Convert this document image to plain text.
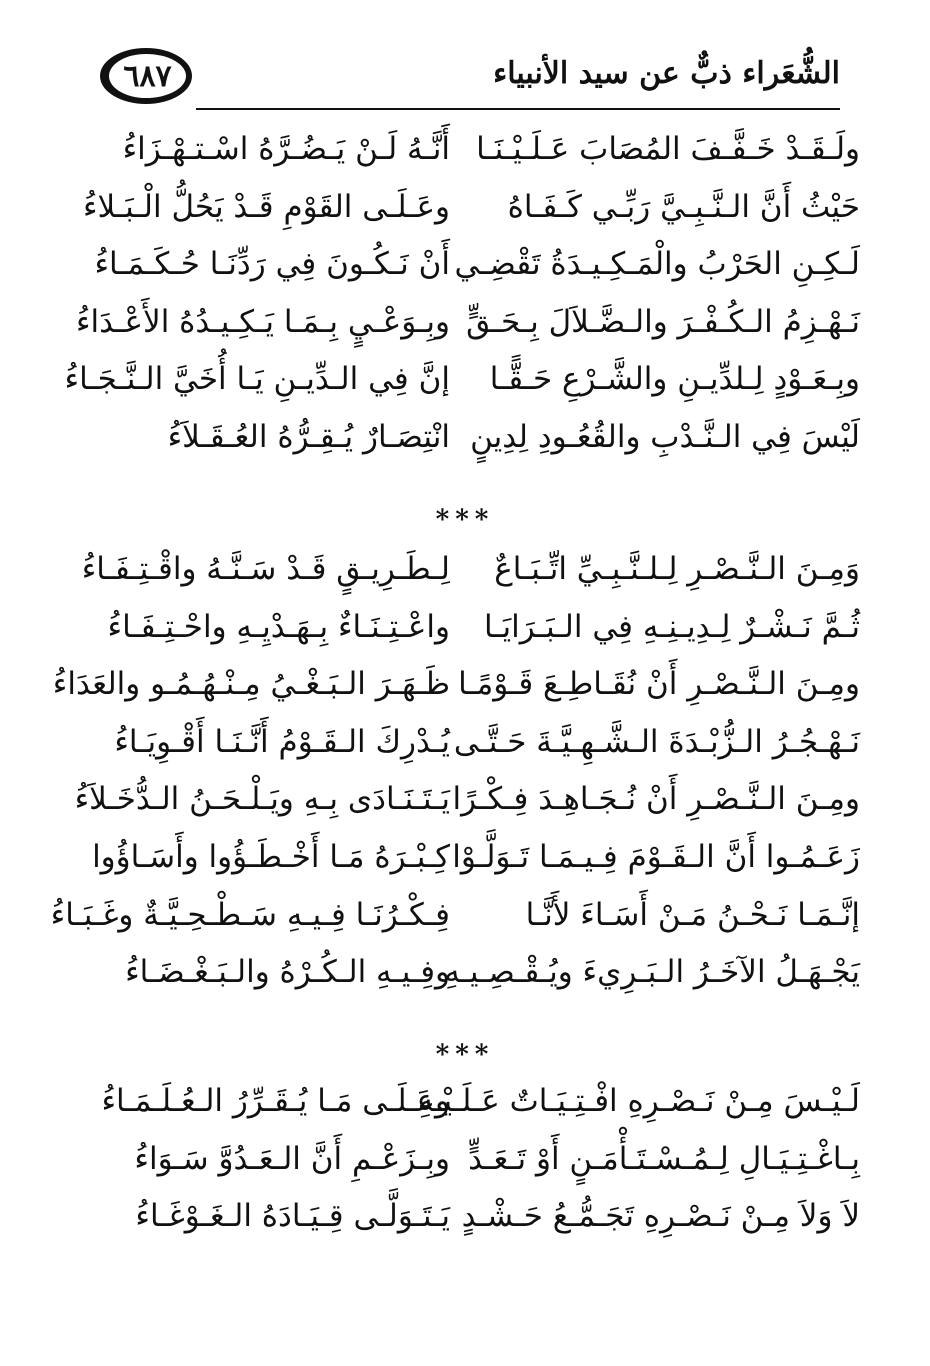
٦٨٧	الشُّعَراء ذبٌّ عن سيد الأنبياء
ولَـقَـدْ خَـفَّـفَ المُصَابَ عَـلَـيْـنَـا
أَنَّـهُ لَـنْ يَـضُـرَّهُ اسْـتـهْـزَاءُ
حَيْثُ أَنَّ الـنَّـبِـيَّ رَبِّـي كَـفَـاهُ
وعَـلَـى القَوْمِ قَـدْ يَحُلُّ الْـبَـلاءُ
لَـكِـنِ الحَرْبُ والْمَـكِـيـدَةُ تَقْضِـي
أَنْ نَـكُـونَ فِي رَدِّنَـا حُـكَـمَـاءُ
نَـهْـزِمُ الـكُـفْـرَ والـضَّـلاَلَ بِـحَـقٍّ
وبِـوَعْـيٍ بِـمَـا يَـكِـيـدُهُ الأَعْـدَاءُ
وبِـعَـوْدٍ لِـلدِّيـنِ والشَّـرْعِ حَـقًّـا
إنَّ فِي الـدِّيـنِ يَـا أُخَيَّ الـنَّـجَـاءُ
لَيْسَ فِي الـنَّـدْبِ والقُعُـودِ لِدِينٍ
انْتِصَـارٌ يُـقِـرُّهُ العُـقَـلاَءُ
***
وَمِـنَ الـنَّـصْـرِ لِـلـنَّـبِـيِّ اتِّـبَـاعٌ
لِـطَـرِيـقٍ قَـدْ سَـنَّـهُ واقْـتِـفَـاءُ
ثُـمَّ نَـشْـرٌ لِـدِيـنِـهِ فِي الـبَـرَايَـا
واعْـتِـنَـاءٌ بِـهَـدْيِـهِ واحْـتِـفَـاءُ
ومِـنَ الـنَّـصْـرِ أَنْ نُقَـاطِـعَ قَـوْمًـا
ظَـهَـرَ الـبَـغْـيُ مِـنْـهُـمُـو والعَدَاءُ
نَـهْـجُـرُ الـزُّبْـدَةَ الـشَّـهِـيَّـةَ حَـتَّـى
يُـدْرِكَ الـقَـوْمُ أَنَّـنَـا أَقْـوِيَـاءُ
ومِـنَ الـنَّـصْـرِ أَنْ نُـجَـاهِـدَ فِـكْـرًا
يَـتَـنَـادَى بِـهِ ويَـلْـحَـنُ الـدُّخَـلاَءُ
زَعَـمُـوا أَنَّ الـقَـوْمَ فِـيـمَـا تَـوَلَّـوْا
كِـبْـرَهُ مَـا أَخْـطَـؤُوا وأَسَـاؤُوا
إنَّـمَـا نَـحْـنُ مَـنْ أَسَـاءَ لأَنَّـا
فِـكْـرُنَـا فِـيـهِ سَـطْـحِـيَّـةٌ وغَـبَـاءُ
يَجْـهَـلُ الآخَـرُ الـبَـرِيءَ ويُـقْـصِـيـهِ
وفِـيـهِ الـكُـرْهُ والـبَـغْـضَـاءُ
***
لَـيْـسَ مِـنْ نَـصْـرِهِ افْـتِـيَـاتٌ عَـلَـيْـهِ
وعَـلَـى مَـا يُـقَـرِّرُ الـعُـلَـمَـاءُ
بِـاغْـتِـيَـالِ لِـمُـسْـتَـأْمَـنٍ أَوْ تَـعَـدٍّ
وبِـزَعْـمِ أَنَّ الـعَـدُوَّ سَـوَاءُ
لاَ وَلاَ مِـنْ نَـصْـرِهِ تَجَـمُّـعُ حَـشْـدٍ
يَـتَـوَلَّـى قِـيَـادَهُ الـغَـوْغَـاءُ
